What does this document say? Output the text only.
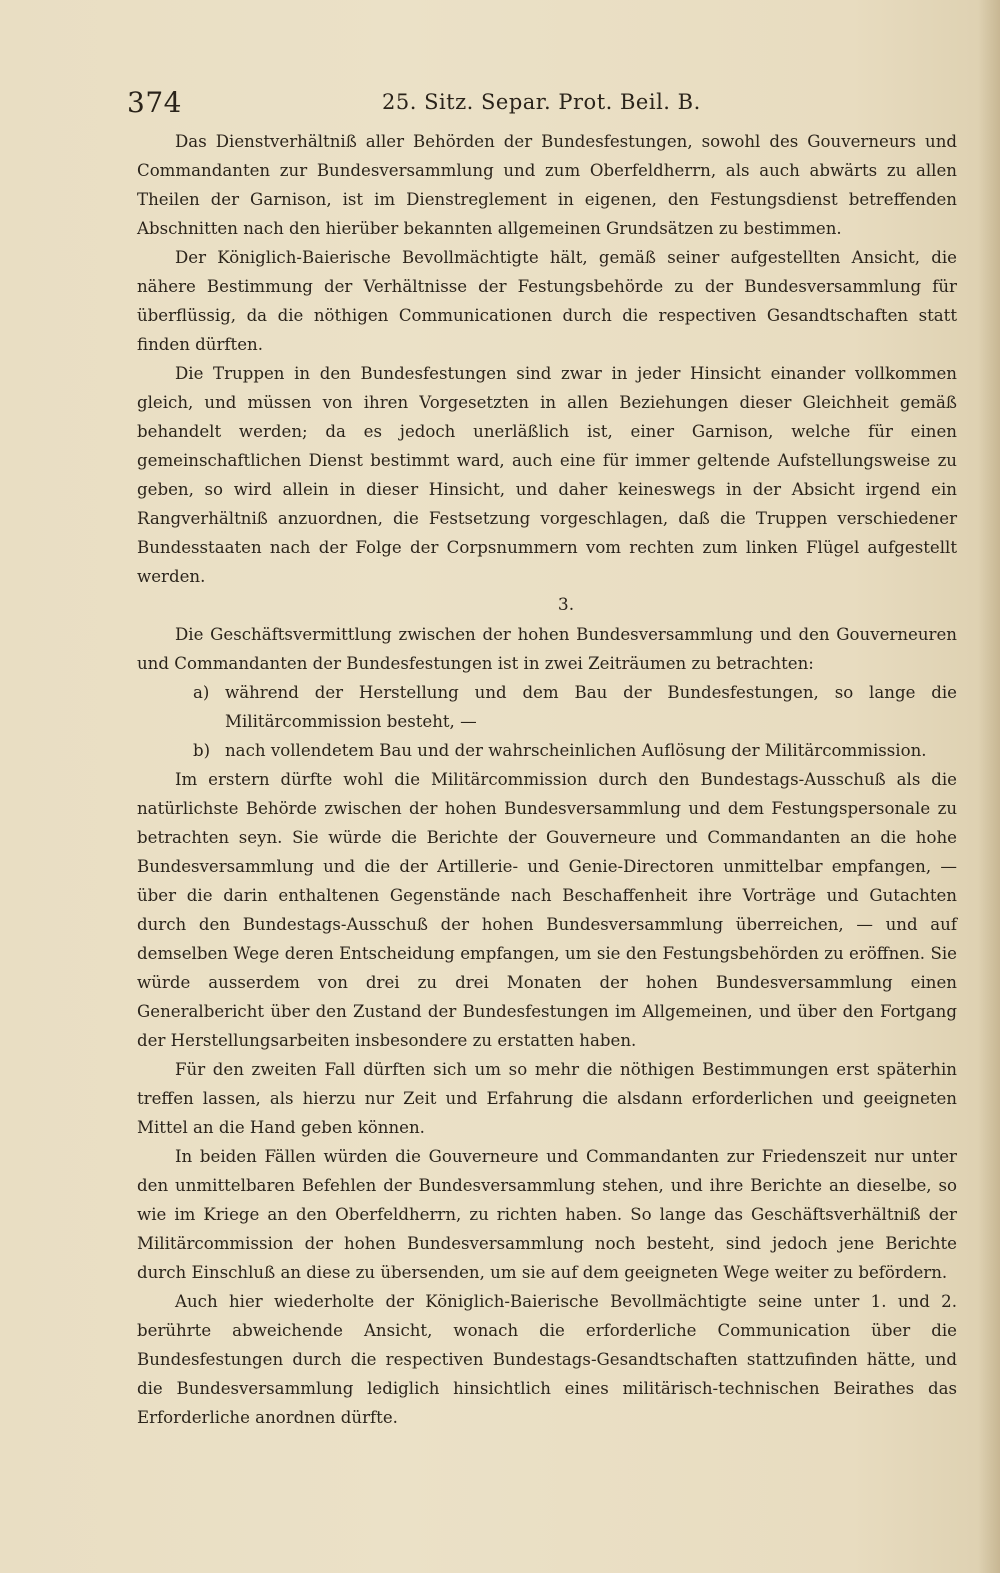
374	25. Sitz. Separ. Prot. Beil. B.

Das Dienstverhältniß aller Behörden der Bundesfestungen, sowohl des Gouverneurs und Commandanten zur Bundesversammlung und zum Oberfeldherrn, als auch abwärts zu allen Theilen der Garnison, ist im Dienstreglement in eigenen, den Festungsdienst betreffenden Abschnitten nach den hierüber bekannten allgemeinen Grundsätzen zu bestimmen.

Der Königlich-Baierische Bevollmächtigte hält, gemäß seiner aufgestellten Ansicht, die nähere Bestimmung der Verhältnisse der Festungsbehörde zu der Bundesversammlung für überflüssig, da die nöthigen Communicationen durch die respectiven Gesandtschaften statt finden dürften.

Die Truppen in den Bundesfestungen sind zwar in jeder Hinsicht einander vollkommen gleich, und müssen von ihren Vorgesetzten in allen Beziehungen dieser Gleichheit gemäß behandelt werden; da es jedoch unerläßlich ist, einer Garnison, welche für einen gemeinschaftlichen Dienst bestimmt ward, auch eine für immer geltende Aufstellungsweise zu geben, so wird allein in dieser Hinsicht, und daher keineswegs in der Absicht irgend ein Rangverhältniß anzuordnen, die Festsetzung vorgeschlagen, daß die Truppen verschiedener Bundesstaaten nach der Folge der Corpsnummern vom rechten zum linken Flügel aufgestellt werden.

3.

Die Geschäftsvermittlung zwischen der hohen Bundesversammlung und den Gouverneuren und Commandanten der Bundesfestungen ist in zwei Zeiträumen zu betrachten:

a) während der Herstellung und dem Bau der Bundesfestungen, so lange die Militärcommission besteht, —
b) nach vollendetem Bau und der wahrscheinlichen Auflösung der Militärcommission.

Im erstern dürfte wohl die Militärcommission durch den Bundestags-Ausschuß als die natürlichste Behörde zwischen der hohen Bundesversammlung und dem Festungspersonale zu betrachten seyn. Sie würde die Berichte der Gouverneure und Commandanten an die hohe Bundesversammlung und die der Artillerie- und Genie-Directoren unmittelbar empfangen, — über die darin enthaltenen Gegenstände nach Beschaffenheit ihre Vorträge und Gutachten durch den Bundestags-Ausschuß der hohen Bundesversammlung überreichen, — und auf demselben Wege deren Entscheidung empfangen, um sie den Festungsbehörden zu eröffnen. Sie würde ausserdem von drei zu drei Monaten der hohen Bundesversammlung einen Generalbericht über den Zustand der Bundesfestungen im Allgemeinen, und über den Fortgang der Herstellungsarbeiten insbesondere zu erstatten haben.

Für den zweiten Fall dürften sich um so mehr die nöthigen Bestimmungen erst späterhin treffen lassen, als hierzu nur Zeit und Erfahrung die alsdann erforderlichen und geeigneten Mittel an die Hand geben können.

In beiden Fällen würden die Gouverneure und Commandanten zur Friedenszeit nur unter den unmittelbaren Befehlen der Bundesversammlung stehen, und ihre Berichte an dieselbe, so wie im Kriege an den Oberfeldherrn, zu richten haben. So lange das Geschäftsverhältniß der Militärcommission der hohen Bundesversammlung noch besteht, sind jedoch jene Berichte durch Einschluß an diese zu übersenden, um sie auf dem geeigneten Wege weiter zu befördern.

Auch hier wiederholte der Königlich-Baierische Bevollmächtigte seine unter 1. und 2. berührte abweichende Ansicht, wonach die erforderliche Communication über die Bundesfestungen durch die respectiven Bundestags-Gesandtschaften stattzufinden hätte, und die Bundesversammlung lediglich hinsichtlich eines militärisch-technischen Beirathes das Erforderliche anordnen dürfte.
